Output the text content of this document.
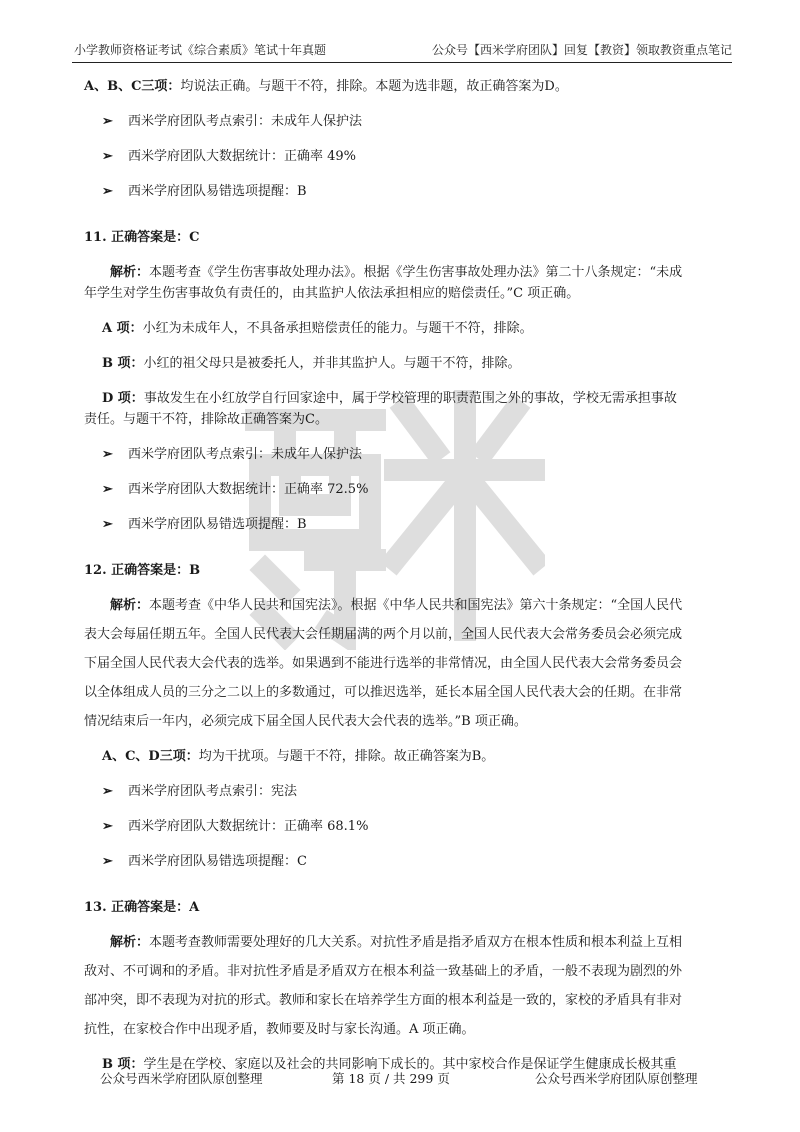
小学教师资格证考试《综合素质》笔试十年真题	公众号【西米学府团队】回复【教资】领取教资重点笔记

A、B、C三项：均说法正确。与题干不符，排除。本题为选非题，故正确答案为D。

➢ 西米学府团队考点索引：未成年人保护法

➢ 西米学府团队大数据统计：正确率 49%

➢ 西米学府团队易错选项提醒：B

11. 正确答案是：C

解析：本题考查《学生伤害事故处理办法》。根据《学生伤害事故处理办法》第二十八条规定：“未成

年学生对学生伤害事故负有责任的，由其监护人依法承担相应的赔偿责任。”C 项正确。

A 项：小红为未成年人，不具备承担赔偿责任的能力。与题干不符，排除。

B 项：小红的祖父母只是被委托人，并非其监护人。与题干不符，排除。

D 项：事故发生在小红放学自行回家途中，属于学校管理的职责范围之外的事故，学校无需承担事故

责任。与题干不符，排除故正确答案为C。

➢ 西米学府团队考点索引：未成年人保护法

➢ 西米学府团队大数据统计：正确率 72.5%

➢ 西米学府团队易错选项提醒：B

12. 正确答案是：B

解析：本题考查《中华人民共和国宪法》。根据《中华人民共和国宪法》第六十条规定：“全国人民代

表大会每届任期五年。全国人民代表大会任期届满的两个月以前，全国人民代表大会常务委员会必须完成

下届全国人民代表大会代表的选举。如果遇到不能进行选举的非常情况，由全国人民代表大会常务委员会

以全体组成人员的三分之二以上的多数通过，可以推迟选举，延长本届全国人民代表大会的任期。在非常

情况结束后一年内，必须完成下届全国人民代表大会代表的选举。”B 项正确。

A、C、D三项：均为干扰项。与题干不符，排除。故正确答案为B。

➢ 西米学府团队考点索引：宪法

➢ 西米学府团队大数据统计：正确率 68.1%

➢ 西米学府团队易错选项提醒：C

13. 正确答案是：A

解析：本题考查教师需要处理好的几大关系。对抗性矛盾是指矛盾双方在根本性质和根本利益上互相

敌对、不可调和的矛盾。非对抗性矛盾是矛盾双方在根本利益一致基础上的矛盾，一般不表现为剧烈的外

部冲突，即不表现为对抗的形式。教师和家长在培养学生方面的根本利益是一致的，家校的矛盾具有非对

抗性，在家校合作中出现矛盾，教师要及时与家长沟通。A 项正确。

B 项：学生是在学校、家庭以及社会的共同影响下成长的。其中家校合作是保证学生健康成长极其重

公众号西米学府团队原创整理	第 18 页 / 共 299 页	公众号西米学府团队原创整理
